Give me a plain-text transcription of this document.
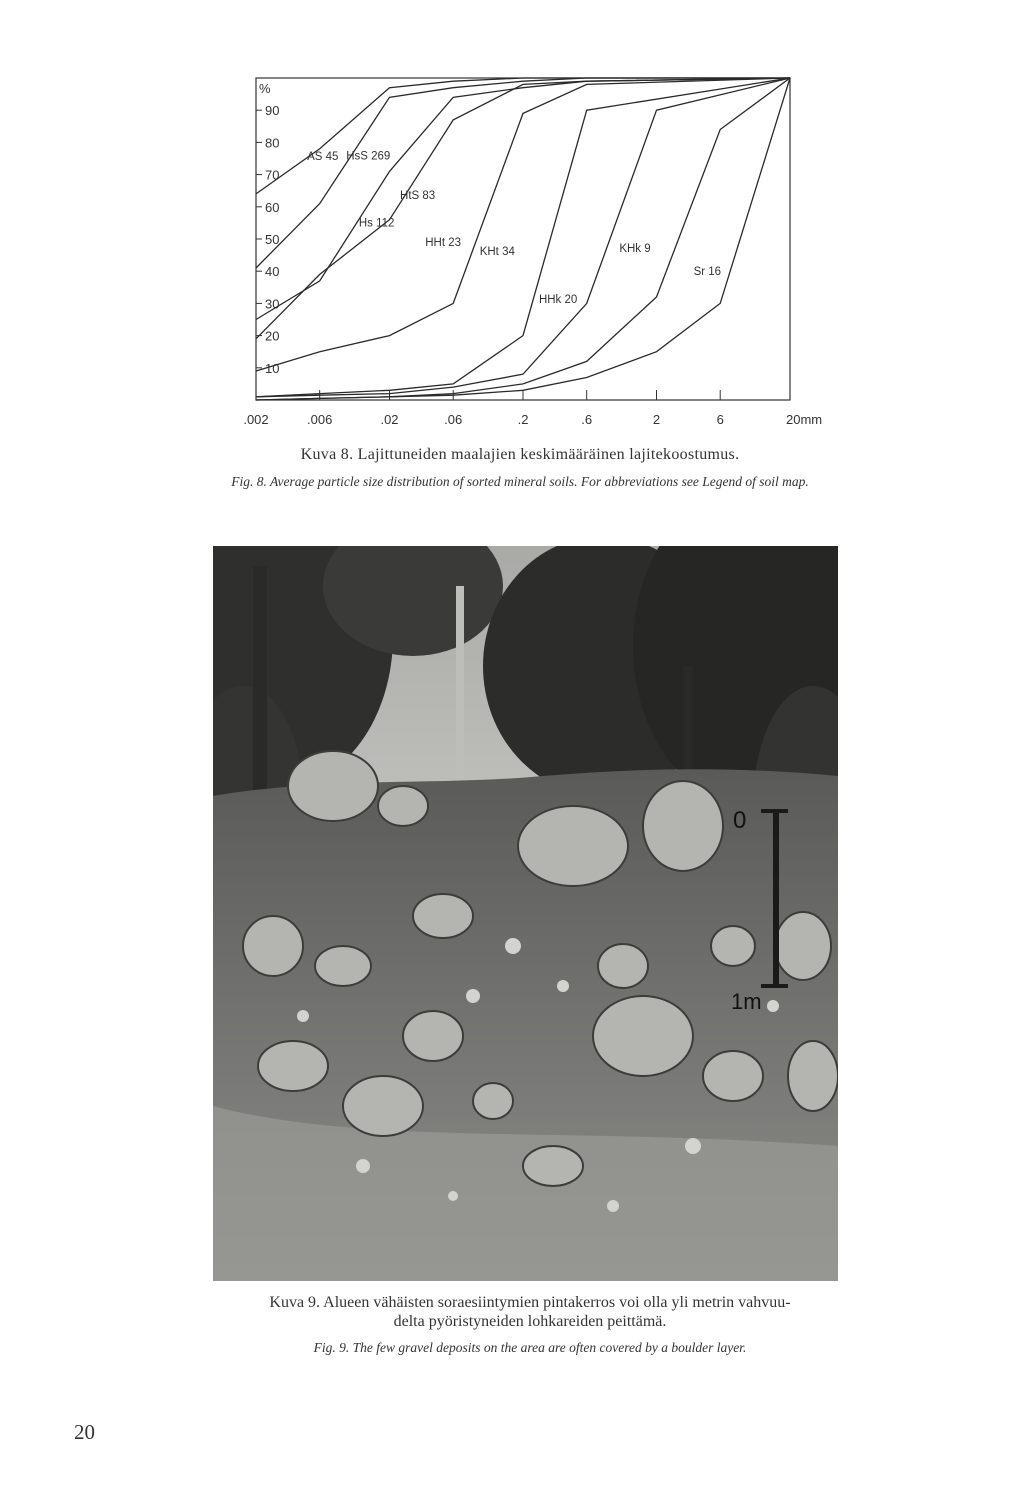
90
80
70
60
50
40
30
20
10
%
.002	.006	.02	.06	.2	.6	2	6	20mm
AS 45 HsS 269
Hs 112
HtS 83
HHt 23
KHt 34
HHk 20
KHk 9
Sr 16
Kuva 8. Lajittuneiden maalajien keskimääräinen lajitekoostumus.
Fig. 8. Average particle size distribution of sorted mineral soils. For abbreviations see Legend of soil map.
0
1m
Kuva 9. Alueen vähäisten soraesiintymien pintakerros voi olla yli metrin vahvuu-
delta pyöristyneiden lohkareiden peittämä.
Fig. 9. The few gravel deposits on the area are often covered by a boulder layer.
20
